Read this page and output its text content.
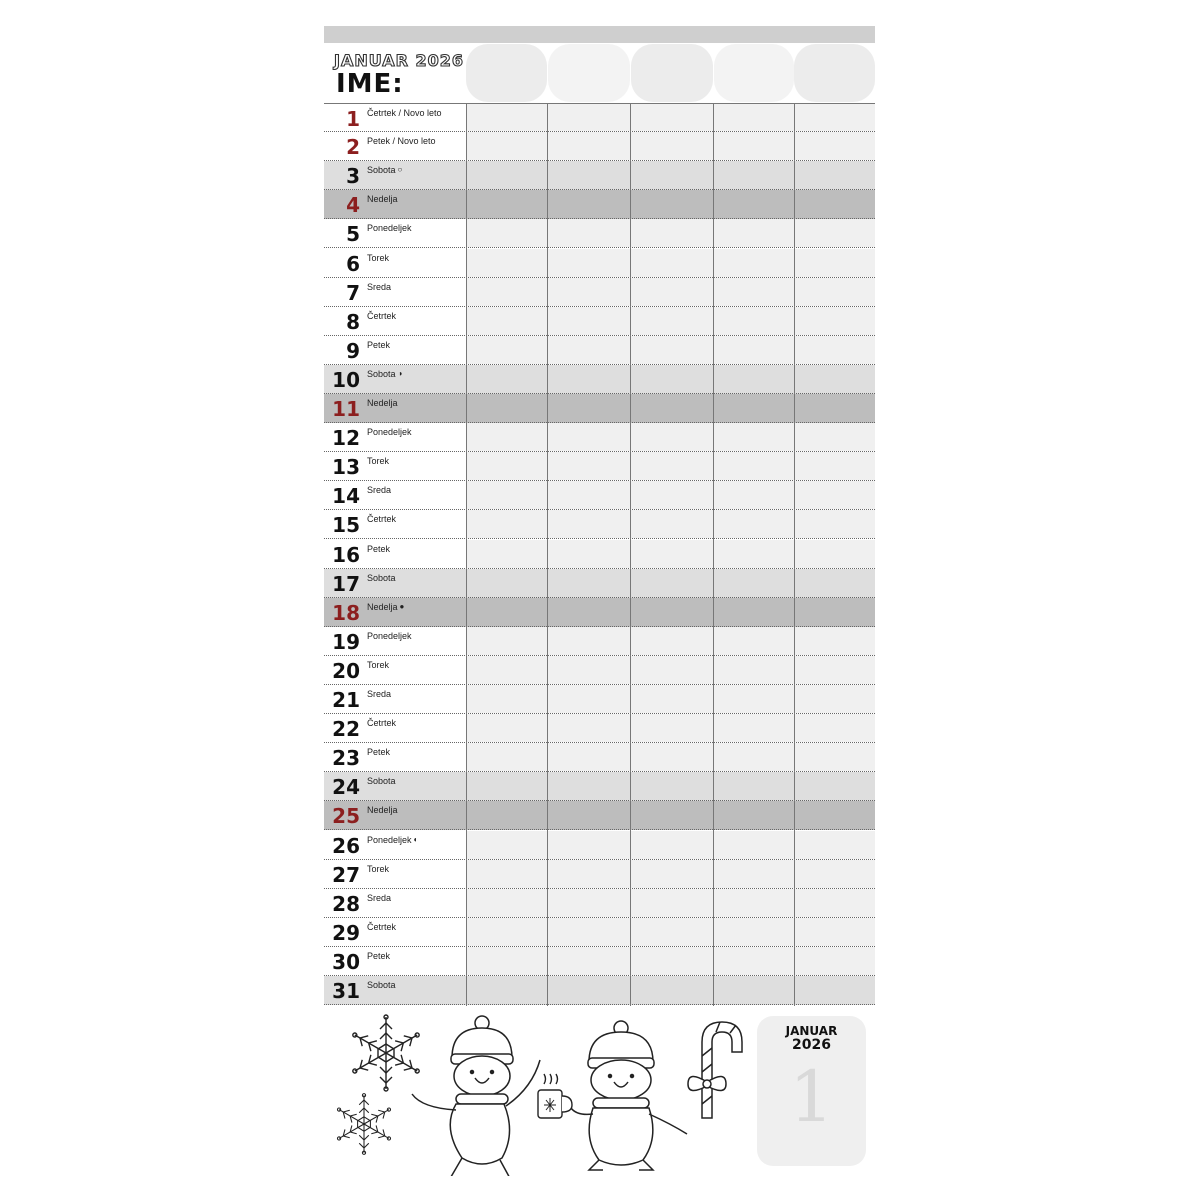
JANUAR 2026
IME:
1 Četrtek / Novo leto
2 Petek / Novo leto
3 Sobota ○
4 Nedelja
5 Ponedeljek
6 Torek
7 Sreda
8 Četrtek
9 Petek
10 Sobota ◑
11 Nedelja
12 Ponedeljek
13 Torek
14 Sreda
15 Četrtek
16 Petek
17 Sobota
18 Nedelja ●
19 Ponedeljek
20 Torek
21 Sreda
22 Četrtek
23 Petek
24 Sobota
25 Nedelja
26 Ponedeljek ◐
27 Torek
28 Sreda
29 Četrtek
30 Petek
31 Sobota
JANUAR
2026
1
